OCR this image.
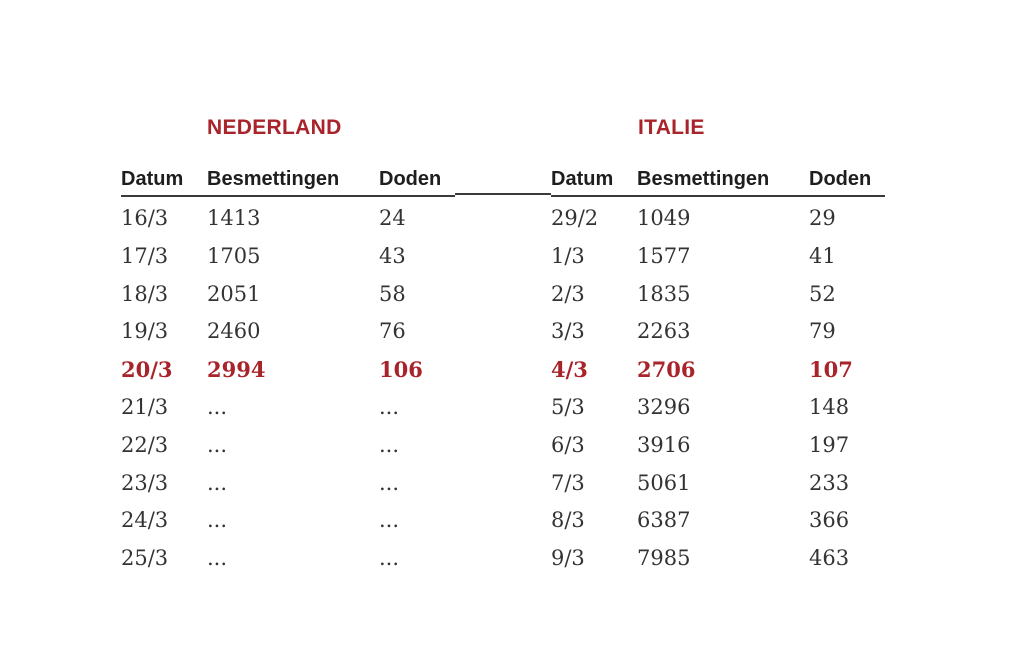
NEDERLAND	ITALIE
Datum Besmettingen Doden
16/3 1413	24
17/3 1705	43
18/3 2051	58
19/3 2460	76
20/3 2994	106
21/3 ...	...
22/3 ...	...
23/3 ...	...
24/3 ...	...
25/3 ...	...
Datum Besmettingen Doden
29/2 1049	29
1/3 1577	41
2/3 1835	52
3/3 2263	79
4/3 2706	107
5/3 3296	148
6/3 3916	197
7/3 5061	233
8/3 6387	366
9/3 7985	463
